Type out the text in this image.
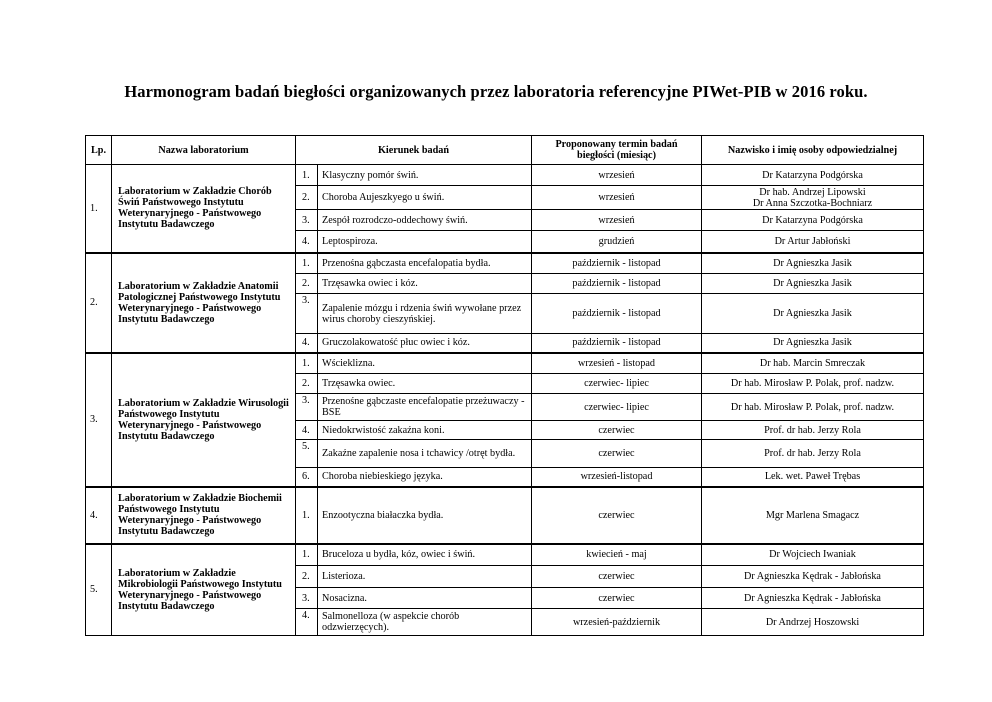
Harmonogram badań biegłości organizowanych przez laboratoria referencyjne PIWet-PIB w 2016 roku.
Lp.	Nazwa laboratorium	Kierunek badań		Proponowany termin badań biegłości (miesiąc)	Nazwisko i imię osoby odpowiedzialnej
1.	Laboratorium w Zakładzie Chorób Świń Państwowego Instytutu Weterynaryjnego - Państwowego Instytutu Badawczego	1.	Klasyczny pomór świń.	wrzesień	Dr Katarzyna Podgórska
		2.	Choroba Aujeszkyego u świń.	wrzesień	Dr hab. Andrzej Lipowski
Dr Anna Szczotka-Bochniarz

		3.	Zespół rozrodczo-oddechowy świń.	wrzesień	Dr Katarzyna Podgórska
		4.	Leptospiroza.	grudzień	Dr Artur Jabłoński
2.	Laboratorium w Zakładzie Anatomii Patologicznej Państwowego Instytutu Weterynaryjnego - Państwowego Instytutu Badawczego	1.	Przenośna gąbczasta encefalopatia bydła.	październik - listopad	Dr Agnieszka Jasik
		2.	Trzęsawka owiec i kóz.	październik - listopad	Dr Agnieszka Jasik
		3.	Zapalenie mózgu i rdzenia świń wywołane przez wirus choroby cieszyńskiej.	październik - listopad	Dr Agnieszka Jasik
		4.	Gruczolakowatość płuc owiec i kóz.	październik - listopad	Dr Agnieszka Jasik
3.	Laboratorium w Zakładzie Wirusologii Państwowego Instytutu Weterynaryjnego - Państwowego Instytutu Badawczego	1.	Wścieklizna.	wrzesień - listopad	Dr hab. Marcin Smreczak
		2.	Trzęsawka owiec.	czerwiec- lipiec	Dr hab. Mirosław P. Polak, prof. nadzw.
		3.	Przenośne gąbczaste encefalopatie przeżuwaczy - BSE	czerwiec- lipiec	Dr hab. Mirosław P. Polak, prof. nadzw.
		4.	Niedokrwistość zakaźna koni.	czerwiec	Prof. dr hab. Jerzy Rola
		5.	Zakaźne zapalenie nosa i tchawicy /otręt bydła.	czerwiec	Prof. dr hab. Jerzy Rola
		6.	Choroba niebieskiego języka.	wrzesień-listopad	Lek. wet. Paweł Trębas
4.	Laboratorium w Zakładzie Biochemii Państwowego Instytutu Weterynaryjnego - Państwowego Instytutu Badawczego	1.	Enzootyczna białaczka bydła.	czerwiec	Mgr Marlena Smagacz
5.	Laboratorium w Zakładzie Mikrobiologii Państwowego Instytutu Weterynaryjnego - Państwowego Instytutu Badawczego	1.	Bruceloza u bydła, kóz, owiec i świń.	kwiecień - maj	Dr Wojciech Iwaniak
		2.	Listerioza.	czerwiec	Dr Agnieszka Kędrak - Jabłońska
		3.	Nosacizna.	czerwiec	Dr Agnieszka Kędrak - Jabłońska
		4.	Salmonelloza (w aspekcie chorób odzwierzęcych).	wrzesień-październik	Dr Andrzej Hoszowski
